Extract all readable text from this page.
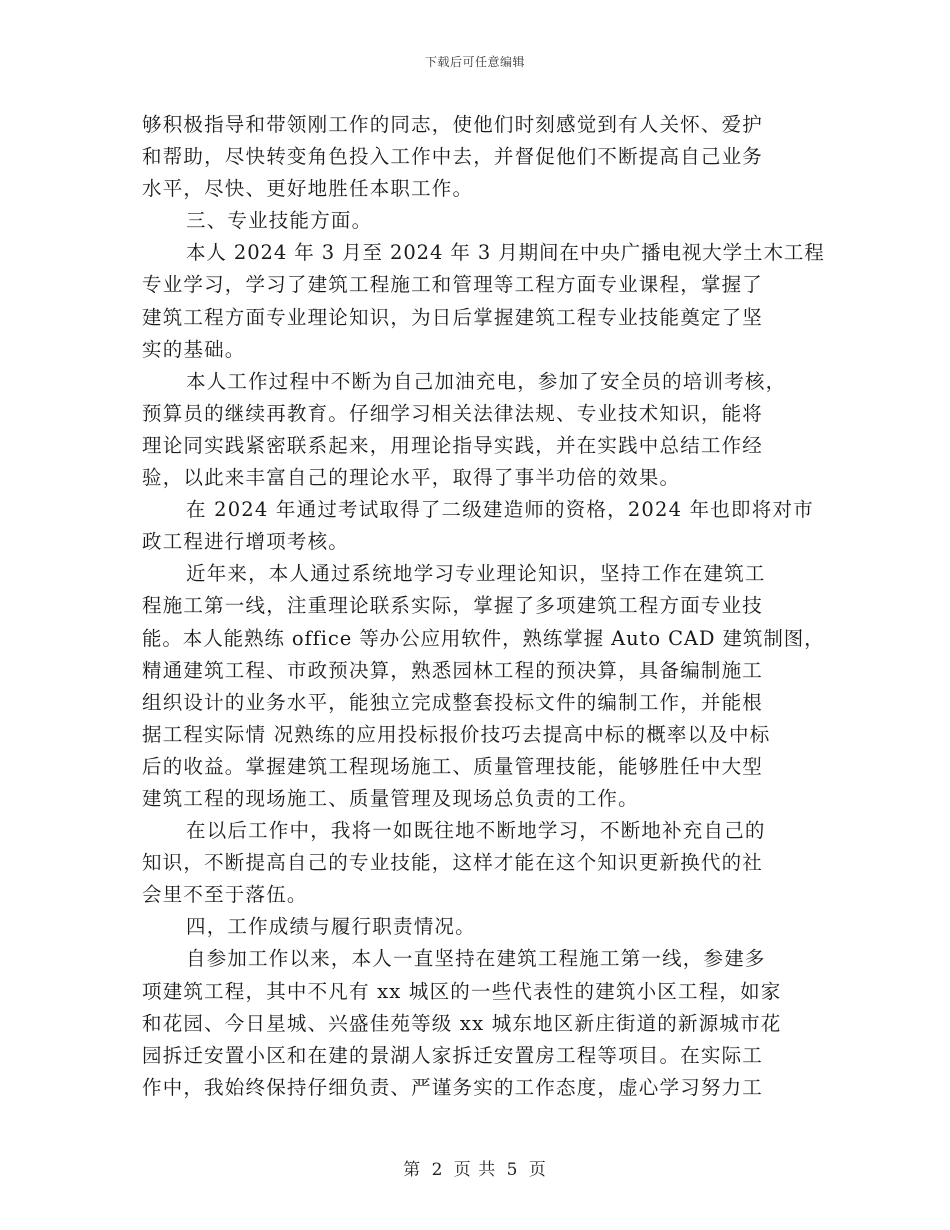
下载后可任意编辑
够积极指导和带领刚工作的同志，使他们时刻感觉到有人关怀、爱护
和帮助，尽快转变角色投入工作中去，并督促他们不断提高自己业务
水平，尽快、更好地胜任本职工作。
三、专业技能方面。
本人 2024 年 3 月至 2024 年 3 月期间在中央广播电视大学土木工程
专业学习，学习了建筑工程施工和管理等工程方面专业课程，掌握了
建筑工程方面专业理论知识，为日后掌握建筑工程专业技能奠定了坚
实的基础。
本人工作过程中不断为自己加油充电，参加了安全员的培训考核，
预算员的继续再教育。仔细学习相关法律法规、专业技术知识，能将
理论同实践紧密联系起来，用理论指导实践，并在实践中总结工作经
验，以此来丰富自己的理论水平，取得了事半功倍的效果。
在 2024 年通过考试取得了二级建造师的资格，2024 年也即将对市
政工程进行增项考核。
近年来，本人通过系统地学习专业理论知识，坚持工作在建筑工
程施工第一线，注重理论联系实际，掌握了多项建筑工程方面专业技
能。本人能熟练 office 等办公应用软件，熟练掌握 Auto CAD 建筑制图，
精通建筑工程、市政预决算，熟悉园林工程的预决算，具备编制施工
组织设计的业务水平，能独立完成整套投标文件的编制工作，并能根
据工程实际情 况熟练的应用投标报价技巧去提高中标的概率以及中标
后的收益。掌握建筑工程现场施工、质量管理技能，能够胜任中大型
建筑工程的现场施工、质量管理及现场总负责的工作。
在以后工作中，我将一如既往地不断地学习，不断地补充自己的
知识，不断提高自己的专业技能，这样才能在这个知识更新换代的社
会里不至于落伍。
四，工作成绩与履行职责情况。
自参加工作以来，本人一直坚持在建筑工程施工第一线，参建多
项建筑工程，其中不凡有 xx 城区的一些代表性的建筑小区工程，如家
和花园、今日星城、兴盛佳苑等级 xx 城东地区新庄街道的新源城市花
园拆迁安置小区和在建的景湖人家拆迁安置房工程等项目。在实际工
作中，我始终保持仔细负责、严谨务实的工作态度，虚心学习努力工
第 2 页 共 5 页
